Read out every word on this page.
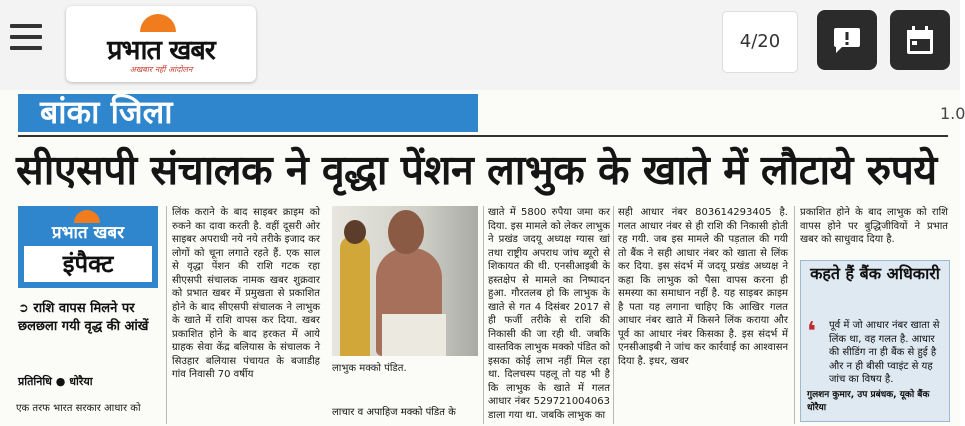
प्रभात खबर
अखबार नहीं आंदोलन
4/20
बांका जिला	1.0
सीएसपी संचालक ने वृद्धा पेंशन लाभुक के खाते में लौटाये रुपये
प्रभात खबर
इंपैक्ट
➲ राशि वापस मिलने पर छलछला गयी वृद्ध की आंखें
प्रतिनिधि ● धोरैया
एक तरफ भारत सरकार आधार को
लिंक कराने के बाद साइबर क्राइम को रुकने का दावा करती है. वहीं दूसरी ओर साइबर अपराधी नये नये तरीके इजाद कर लोगों को चूना लगाते रहते हैं. एक साल से वृद्धा पेंशन की राशि गटक रहा सीएसपी संचालक नामक खबर शुक्रवार को प्रभात खबर में प्रमुखता से प्रकाशित होने के बाद सीएसपी संचालक ने लाभुक के खाते में राशि वापस कर दिया. खबर प्रकाशित होने के बाद हरकत में आये ग्राहक सेवा केंद्र बलियास के संचालक ने सिउहार बलियास पंचायत के बजाडीह गांव निवासी 70 वर्षीय
लाभुक मक्को पंडित.
लाचार व अपाहिज मक्को पंडित के
खाते में 5800 रुपैया जमा कर दिया. इस मामले को लेकर लाभुक ने प्रखंड जदयू अध्यक्ष ग्यास खां तथा राष्ट्रीय अपराध जांच ब्यूरो से शिकायत की थी. एनसीआइबी के हस्तक्षेप से मामले का निष्पादन हुआ. गौरतलब हो कि लाभुक के खाते से गत 4 दिसंबर 2017 से ही फर्जी तरीके से राशि की निकासी की जा रही थी. जबकि वास्तविक लाभुक मक्को पंडित को इसका कोई लाभ नहीं मिल रहा था. दिलचस्प पहलू तो यह भी है कि लाभुक के खाते में गलत आधार नंबर 529721004063 डाला गया था. जबकि लाभुक का
सही आधार नंबर 803614293405 है. गलत आधार नंबर से ही राशि की निकासी होती रह गयी. जब इस मामले की पड़ताल की गयी तो बैंक ने सही आधार नंबर को खाता से लिंक कर दिया. इस संदर्भ में जदयू प्रखंड अध्यक्ष ने कहा कि लाभुक को पैसा वापस करना ही समस्या का समाधान नहीं है. यह साइबर क्राइम है पता यह लगाना चाहिए कि आखिर गलत आधार नंबर खाते में किसने लिंक कराया और पूर्व का आधार नंबर किसका है. इस संदर्भ में एनसीआइबी ने जांच कर कार्रवाई का आश्वासन दिया है. इधर, खबर
प्रकाशित होने के बाद लाभुक को राशि वापस होने पर बुद्धिजीवियों ने प्रभात खबर को साधुवाद दिया है.
कहते हैं बैंक अधिकारी
❛ पूर्व में जो आधार नंबर खाता से लिंक था, वह गलत है. आधार की सीडिंग ना ही बैंक से हुई है और न ही बीसी प्वाइंट से यह जांच का विषय है.
गुलशन कुमार, उप प्रबंधक, यूको बैंक धोरैया
